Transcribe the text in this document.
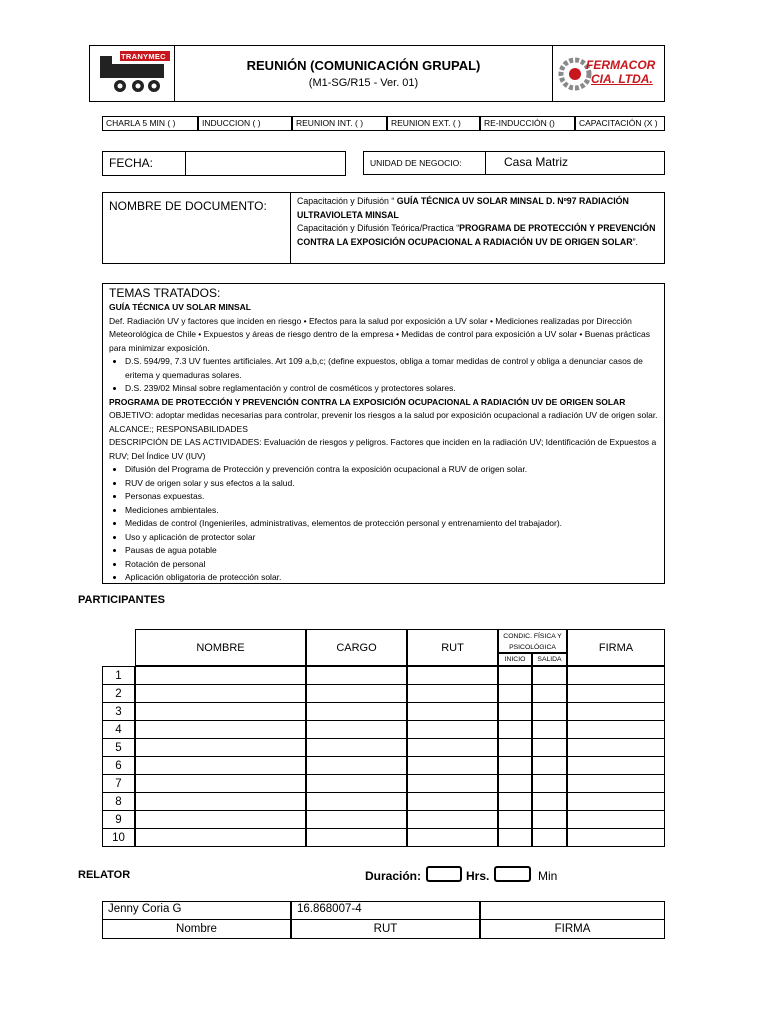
TRANYMEC
REUNIÓN (COMUNICACIÓN GRUPAL)
(M1-SG/R15 - Ver. 01)
FERMACOR
CIA. LTDA.
CHARLA 5 MIN ( )	INDUCCION ( )	REUNION INT. ( )	REUNION EXT. ( )	RE-INDUCCIÓN ()	CAPACITACIÓN (X )
FECHA:	UNIDAD DE NEGOCIO:	Casa Matriz
NOMBRE DE DOCUMENTO:	Capacitación y Difusión “ GUÍA TÉCNICA UV SOLAR MINSAL D. Nº97 RADIACIÓN ULTRAVIOLETA MINSAL
Capacitación y Difusión Teórica/Practica “PROGRAMA DE PROTECCIÓN Y PREVENCIÓN CONTRA LA EXPOSICIÓN OCUPACIONAL A RADIACIÓN UV DE ORIGEN SOLAR”.
TEMAS TRATADOS:
GUÍA TÉCNICA UV SOLAR MINSAL
Def. Radiación UV y factores que inciden en riesgo • Efectos para la salud por exposición a UV solar • Mediciones realizadas por Dirección Meteorológica de Chile • Expuestos y áreas de riesgo dentro de la empresa • Medidas de control para exposición a UV solar • Buenas prácticas para minimizar exposición.
• D.S. 594/99, 7.3 UV fuentes artificiales. Art 109 a,b,c; (define expuestos, obliga a tomar medidas de control y obliga a denunciar casos de eritema y quemaduras solares.
• D.S. 239/02 Minsal sobre reglamentación y control de cosméticos y protectores solares.
PROGRAMA DE PROTECCIÓN Y PREVENCIÓN CONTRA LA EXPOSICIÓN OCUPACIONAL A RADIACIÓN UV DE ORIGEN SOLAR
OBJETIVO: adoptar medidas necesarias para controlar, prevenir los riesgos a la salud por exposición ocupacional a radiación UV de origen solar. ALCANCE:; RESPONSABILIDADES
DESCRIPCIÓN DE LAS ACTIVIDADES: Evaluación de riesgos y peligros. Factores que inciden en la radiación UV; Identificación de Expuestos a RUV; Del Índice UV (IUV)
• Difusión del Programa de Protección y prevención contra la exposición ocupacional a RUV de origen solar.
• RUV de origen solar y sus efectos a la salud.
• Personas expuestas.
• Mediciones ambientales.
• Medidas de control (Ingenieriles, administrativas, elementos de protección personal y entrenamiento del trabajador).
• Uso y aplicación de protector solar
• Pausas de agua potable
• Rotación de personal
• Aplicación obligatoria de protección solar.
PARTICIPANTES
NOMBRE	CARGO	RUT
CONDIC. FÍSICA Y PSICOLÓGICA
INICIO	SALIDA
FIRMA
1
2
3
4
5
6
7
8
9
10
RELATOR	Duración:	Hrs.	Min
Jenny Coria G	16.868007-4
Nombre	RUT	FIRMA
